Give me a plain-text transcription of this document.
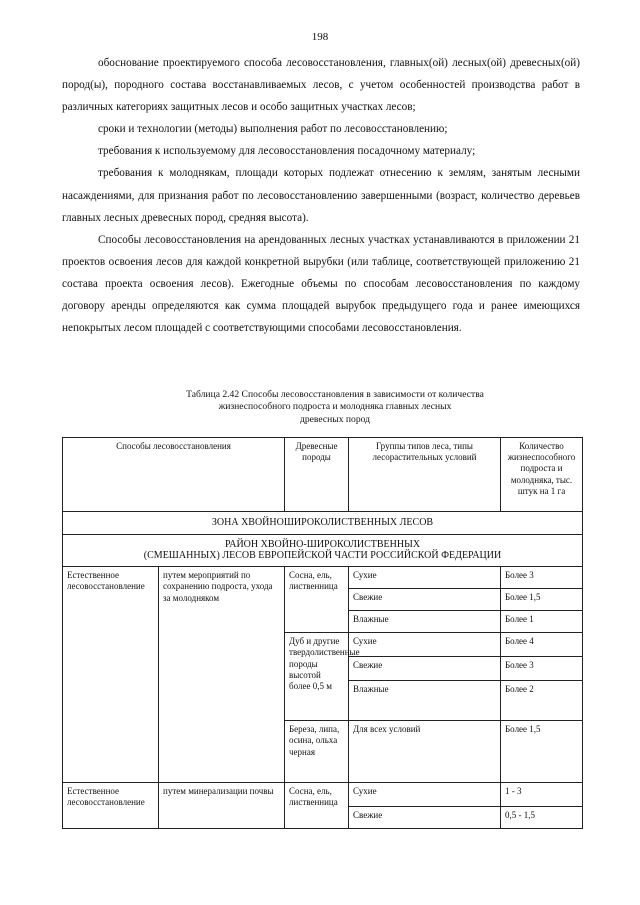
198

обоснование проектируемого способа лесовосстановления, главных(ой) лесных(ой) древесных(ой) пород(ы), породного состава восстанавливаемых лесов, с учетом особенностей производства работ в различных категориях защитных лесов и особо защитных участках лесов;

сроки и технологии (методы) выполнения работ по лесовосстановлению;

требования к используемому для лесовосстановления посадочному материалу;

требования к молоднякам, площади которых подлежат отнесению к землям, занятым лесными насаждениями, для признания работ по лесовосстановлению завершенными (возраст, количество деревьев главных лесных древесных пород, средняя высота).

Способы лесовосстановления на арендованных лесных участках устанавливаются в приложении 21 проектов освоения лесов для каждой конкретной вырубки (или таблице, соответствующей приложению 21 состава проекта освоения лесов). Ежегодные объемы по способам лесовосстановления по каждому договору аренды определяются как сумма площадей вырубок предыдущего года и ранее имеющихся непокрытых лесом площадей с соответствующими способами лесовосстановления.

Таблица 2.42 Способы лесовосстановления в зависимости от количества
жизнеспособного подроста и молодняка главных лесных
древесных пород
Способы лесовосстановления		Древесные породы	Группы типов леса, типы лесорастительных условий	Количество жизнеспособного подроста и молодняка, тыс. штук на 1 га
ЗОНА ХВОЙНОШИРОКОЛИСТВЕННЫХ ЛЕСОВ				

РАЙОН ХВОЙНО-ШИРОКОЛИСТВЕННЫХ
(СМЕШАННЫХ) ЛЕСОВ ЕВРОПЕЙСКОЙ ЧАСТИ РОССИЙСКОЙ ФЕДЕРАЦИИ				

Естественное лесовосстановление	путем мероприятий по сохранению подроста, ухода за молодняком	Сосна, ель, лиственница	Сухие	Более 3
			Свежие	Более 1,5
			Влажные	Более 1
		Дуб и другие твердолиственные породы высотой более 0,5 м	Сухие	Более 4
			Свежие	Более 3
			Влажные	Более 2
		Береза, липа, осина, ольха черная	Для всех условий	Более 1,5
Естественное лесовосстановление	путем минерализации почвы	Сосна, ель, лиственница	Сухие	1 - 3
			Свежие	0,5 - 1,5
